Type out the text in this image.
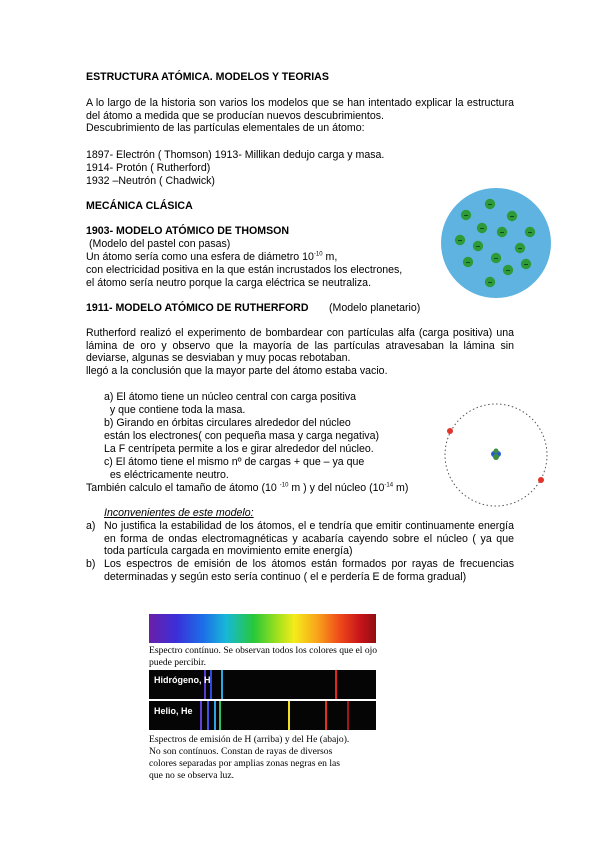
ESTRUCTURA ATÓMICA. MODELOS Y TEORIAS
A lo largo de la historia son varios los modelos que se han intentado explicar la estructura del átomo a medida que se producían nuevos descubrimientos.
Descubrimiento de las partículas elementales de un átomo:
1897- Electrón ( Thomson) 1913- Millikan dedujo carga y masa.
1914- Protón ( Rutherford)
1932 –Neutrón ( Chadwick)
MECÁNICA CLÁSICA
1903- MODELO ATÓMICO DE THOMSON
(Modelo del pastel con pasas)
Un átomo sería como una esfera de diámetro $10^{-10}$ m,
con electricidad positiva en la que están incrustados los electrones,
el átomo sería neutro porque la carga eléctrica se neutraliza.
−
−	−
− −	−
−
−	−
−
−
−
−
−
1911- MODELO ATÓMICO DE RUTHERFORD (Modelo planetario)
Rutherford realizó el experimento de bombardear con partículas alfa (carga positiva) una lámina de oro y observo que la mayoría de las partículas atravesaban la lámina sin deviarse, algunas se desviaban y muy pocas rebotaban.
llegó a la conclusión que la mayor parte del átomo estaba vacio.
a) El átomo tiene un núcleo central con carga positiva
y que contiene toda la masa.
b) Girando en órbitas circulares alrededor del núcleo
están los electrones( con pequeña masa y carga negativa)
La F centrípeta permite a los e girar alrededor del núcleo.
c) El átomo tiene el mismo nº de cargas + que – ya que
es eléctricamente neutro.
También calculo el tamaño de átomo (10 $^{-10}$ m ) y del núcleo ($10^{-14}$ m)
Inconvenientes de este modelo:
a) No justifica la estabilidad de los átomos, el e tendría que emitir continuamente energía en forma de ondas electromagnéticas y acabaría cayendo sobre el núcleo ( ya que toda partícula cargada en movimiento emite energía)
b) Los espectros de emisión de los átomos están formados por rayas de frecuencias determinadas y según esto sería continuo ( el e perdería E de forma gradual)
Espectro contínuo. Se observan todos los colores que el ojo puede percibir.
Hidrógeno, H
Helio, He
Espectros de emisión de H (arriba) y del He (abajo).
No son contínuos. Constan de rayas de diversos
colores separadas por amplias zonas negras en las
que no se observa luz.
